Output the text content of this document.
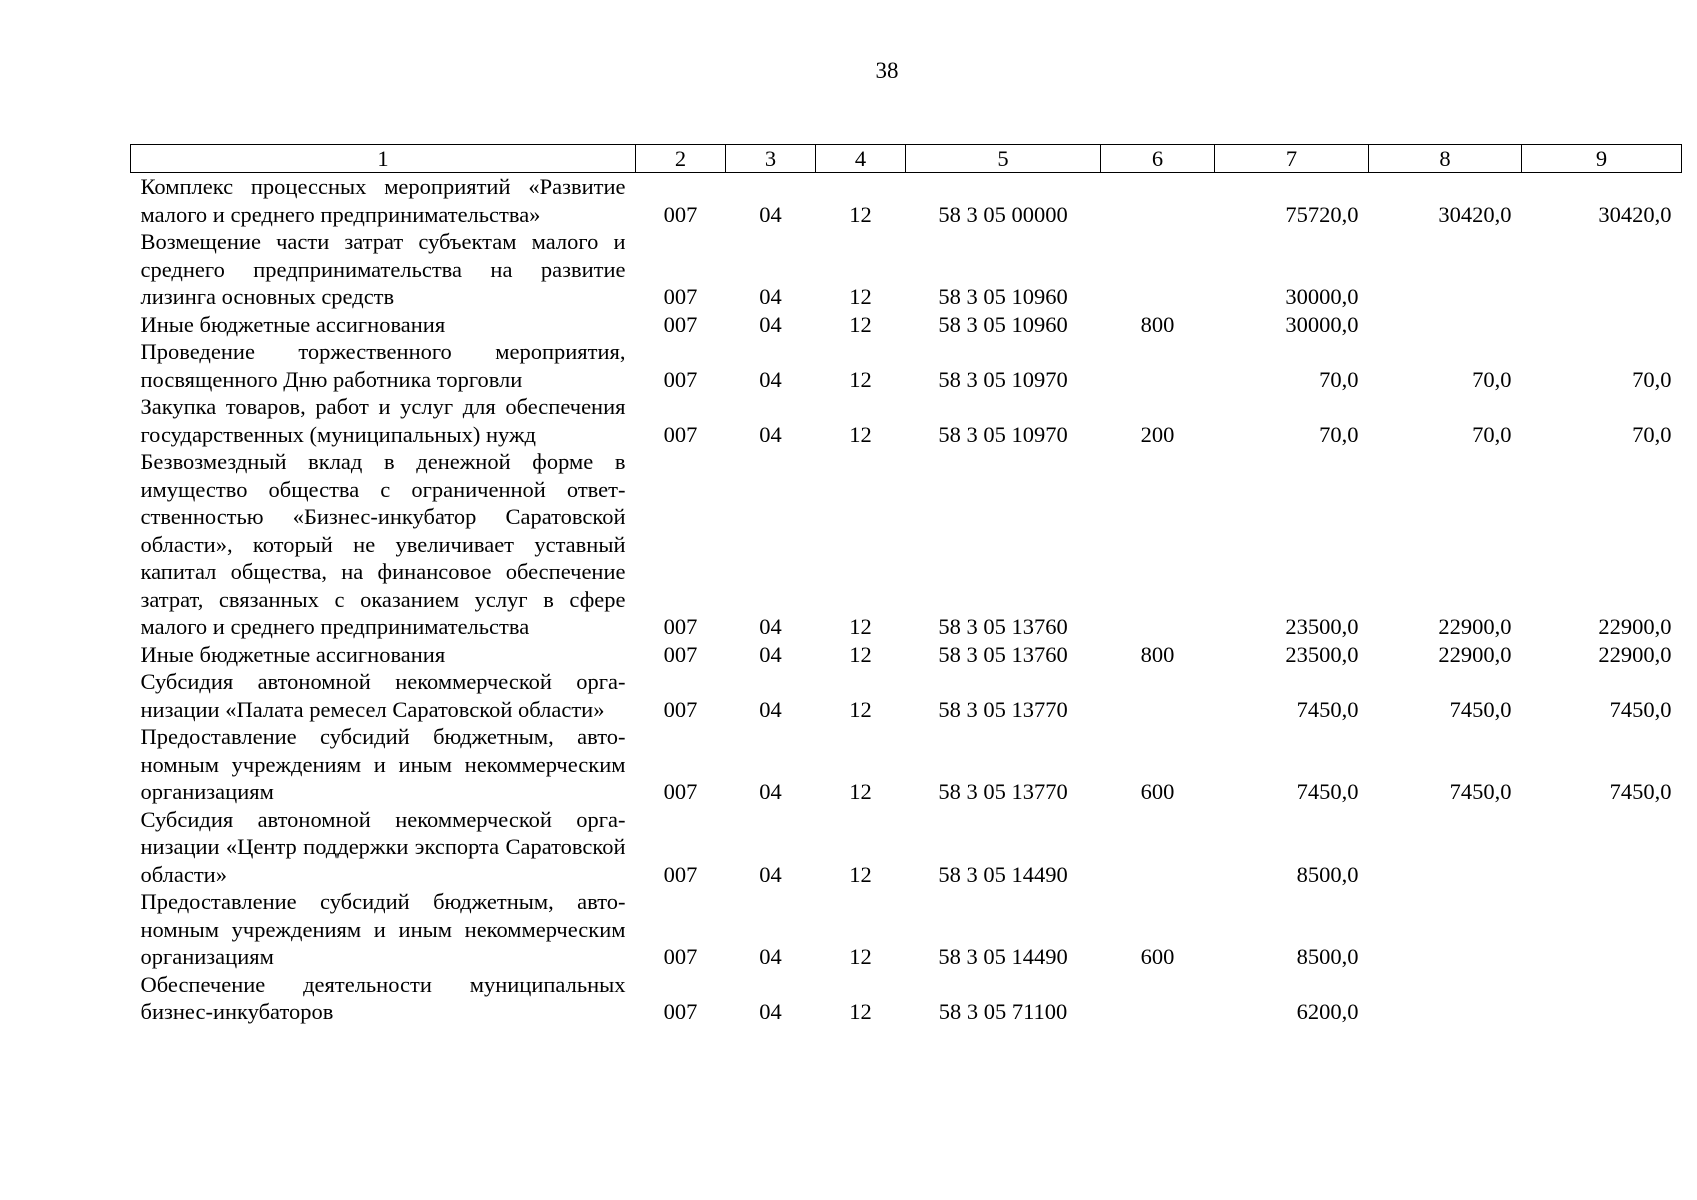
38
1	2	3	4	5	6	7	8	9
Комплекс процессных мероприятий «Развитие малого и среднего предпринимательства»	007	04	12	58 3 05 00000		75720,0	30420,0	30420,0
Возмещение части затрат субъектам малого и среднего предпринимательства на развитие лизинга основных средств	007	04	12	58 3 05 10960		30000,0		
Иные бюджетные ассигнования	007	04	12	58 3 05 10960	800	30000,0		
Проведение торжественного мероприятия, посвященного Дню работника торговли	007	04	12	58 3 05 10970		70,0	70,0	70,0
Закупка товаров, работ и услуг для обеспечения государственных (муниципальных) нужд	007	04	12	58 3 05 10970	200	70,0	70,0	70,0
Безвозмездный вклад в денежной форме в имущество общества с ограниченной ответственностью «Бизнес-инкубатор Саратовской области», который не увеличивает уставный капитал общества, на финансовое обеспечение затрат, связанных с оказанием услуг в сфере малого и среднего предпринимательства	007	04	12	58 3 05 13760		23500,0	22900,0	22900,0
Иные бюджетные ассигнования	007	04	12	58 3 05 13760	800	23500,0	22900,0	22900,0
Субсидия автономной некоммерческой организации «Палата ремесел Саратовской области»	007	04	12	58 3 05 13770		7450,0	7450,0	7450,0
Предоставление субсидий бюджетным, автономным учреждениям и иным некоммерческим организациям	007	04	12	58 3 05 13770	600	7450,0	7450,0	7450,0
Субсидия автономной некоммерческой организации «Центр поддержки экспорта Саратовской области»	007	04	12	58 3 05 14490		8500,0		
Предоставление субсидий бюджетным, автономным учреждениям и иным некоммерческим организациям	007	04	12	58 3 05 14490	600	8500,0		
Обеспечение деятельности муниципальных бизнес-инкубаторов	007	04	12	58 3 05 71100		6200,0		
